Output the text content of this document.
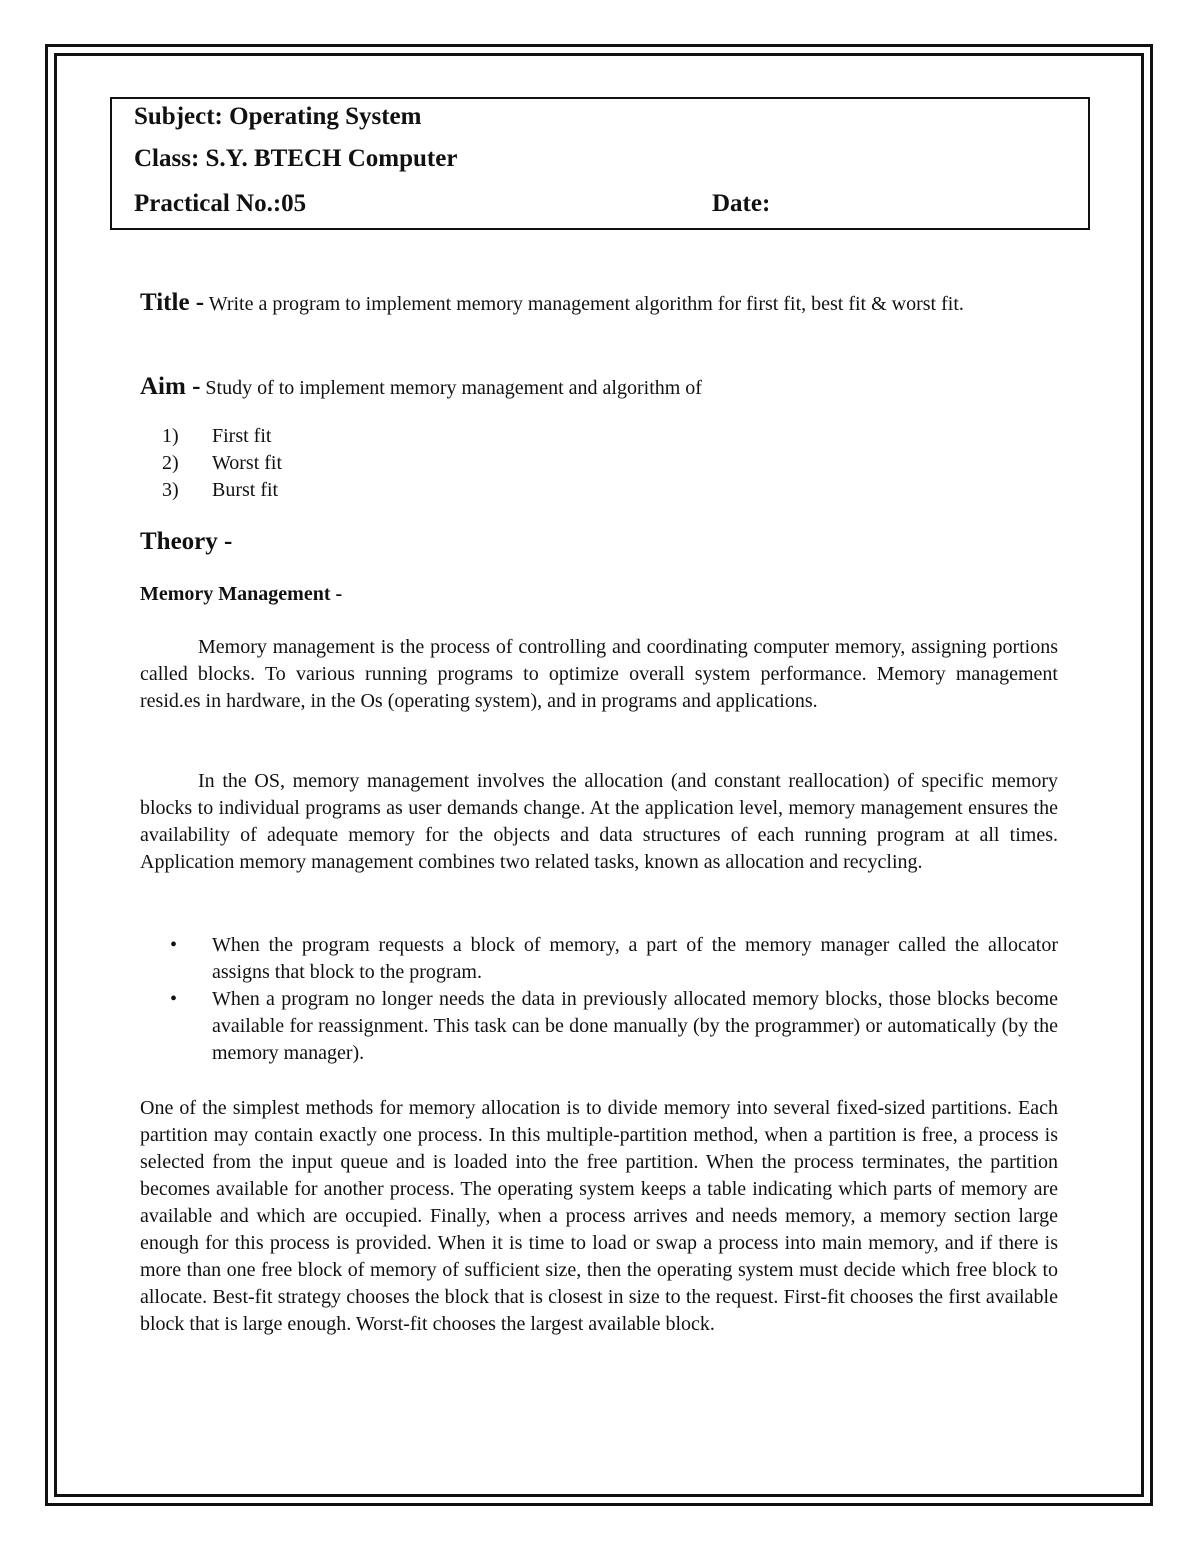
Subject: Operating System
Class: S.Y. BTECH Computer
Practical No.:05	Date:

Title - Write a program to implement memory management algorithm for first fit, best fit & worst fit.

Aim - Study of to implement memory management and algorithm of

1) First fit
2) Worst fit
3) Burst fit
Theory -
Memory Management -

Memory management is the process of controlling and coordinating computer memory, assigning portions called blocks. To various running programs to optimize overall system performance. Memory management resid.es in hardware, in the Os (operating system), and in programs and applications.

In the OS, memory management involves the allocation (and constant reallocation) of specific memory blocks to individual programs as user demands change. At the application level, memory management ensures the availability of adequate memory for the objects and data structures of each running program at all times. Application memory management combines two related tasks, known as allocation and recycling.

• When the program requests a block of memory, a part of the memory manager called the allocator assigns that block to the program.
• When a program no longer needs the data in previously allocated memory blocks, those blocks become available for reassignment. This task can be done manually (by the programmer) or automatically (by the memory manager).

One of the simplest methods for memory allocation is to divide memory into several fixed-sized partitions. Each partition may contain exactly one process. In this multiple-partition method, when a partition is free, a process is selected from the input queue and is loaded into the free partition. When the process terminates, the partition becomes available for another process. The operating system keeps a table indicating which parts of memory are available and which are occupied. Finally, when a process arrives and needs memory, a memory section large enough for this process is provided. When it is time to load or swap a process into main memory, and if there is more than one free block of memory of sufficient size, then the operating system must decide which free block to allocate. Best-fit strategy chooses the block that is closest in size to the request. First-fit chooses the first available block that is large enough. Worst-fit chooses the largest available block.
